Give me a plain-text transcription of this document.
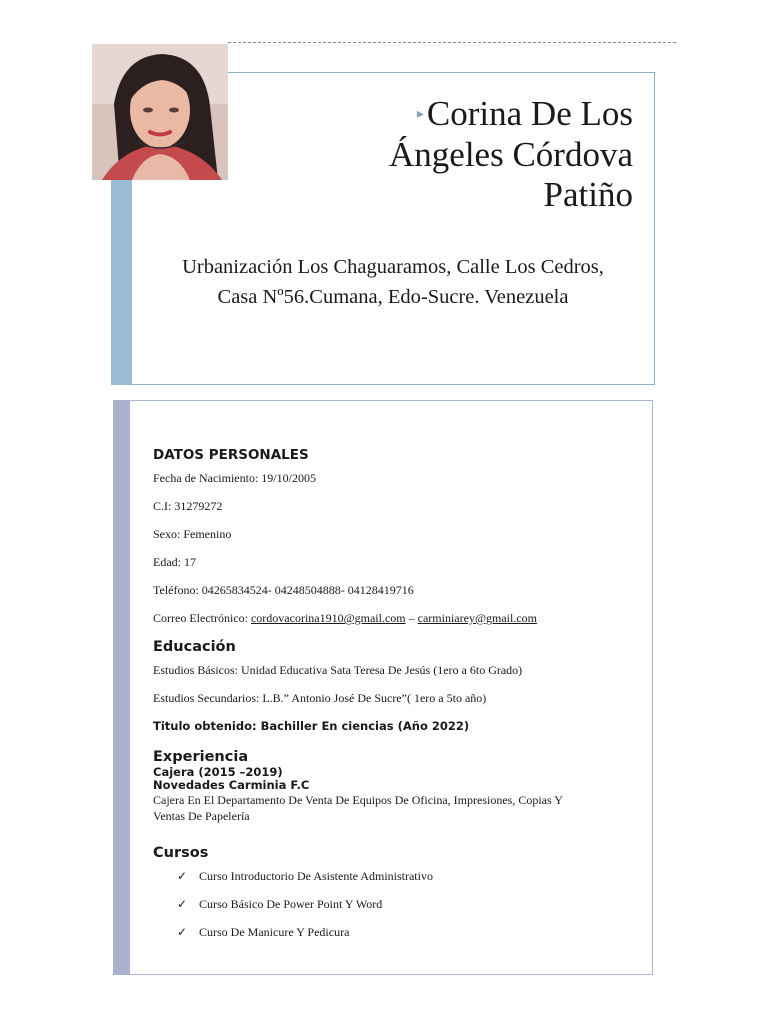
▸Corina De Los
Ángeles Córdova
Patiño
Urbanización Los Chaguaramos, Calle Los Cedros,
Casa Nº56.Cumana, Edo-Sucre. Venezuela

DATOS PERSONALES

Fecha de Nacimiento: 19/10/2005

C.I: 31279272

Sexo: Femenino

Edad: 17

Teléfono: 04265834524- 04248504888- 04128419716

Correo Electrónico: cordovacorina1910@gmail.com – carminiarey@gmail.com

Educación

Estudios Básicos: Unidad Educativa Sata Teresa De Jesús (1ero a 6to Grado)

Estudios Secundarios: L.B.” Antonio José De Sucre”( 1ero a 5to año)

Titulo obtenido: Bachiller En ciencias (Año 2022)

Experiencia

Cajera (2015 –2019)

Novedades Carminia F.C

Cajera En El Departamento De Venta De Equipos De Oficina, Impresiones, Copias Y

Ventas De Papelería

Cursos

✓ Curso Introductorio De Asistente Administrativo
✓ Curso Básico De Power Point Y Word
✓ Curso De Manicure Y Pedicura
